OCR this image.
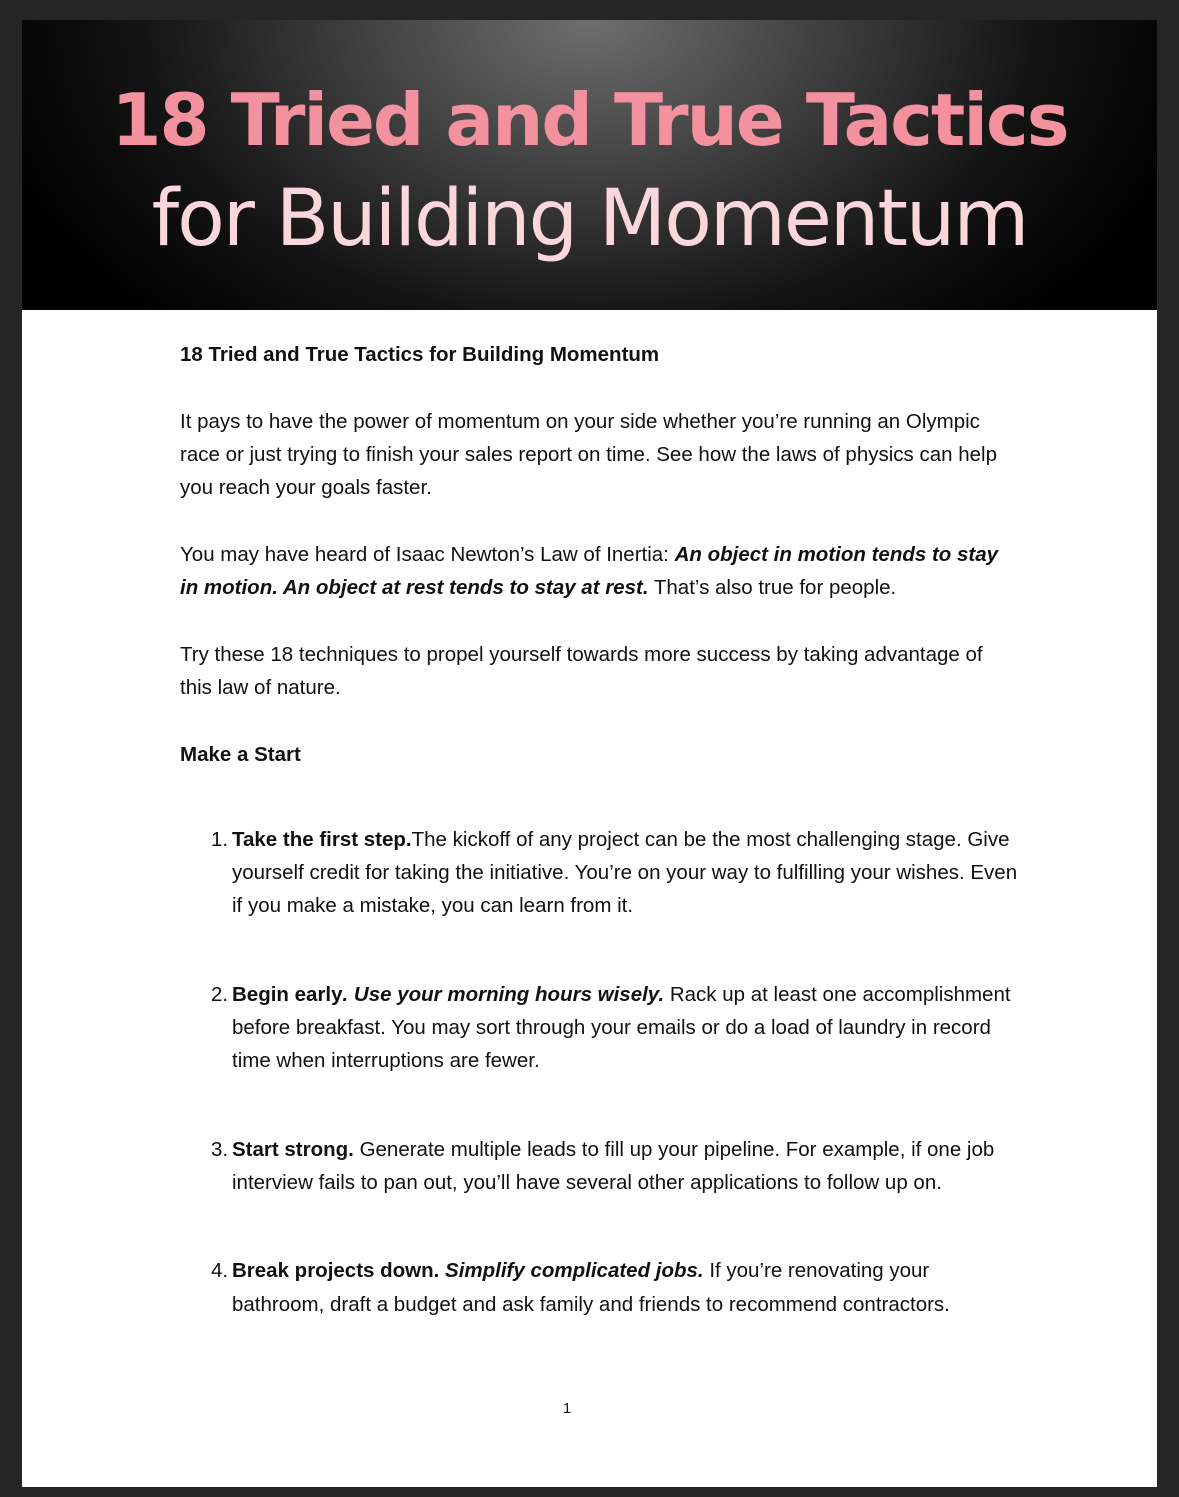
18 Tried and True Tactics
for Building Momentum

18 Tried and True Tactics for Building Momentum

It pays to have the power of momentum on your side whether you’re running an Olympic race or just trying to finish your sales report on time. See how the laws of physics can help you reach your goals faster.

You may have heard of Isaac Newton’s Law of Inertia: An object in motion tends to stay in motion. An object at rest tends to stay at rest. That’s also true for people.

Try these 18 techniques to propel yourself towards more success by taking advantage of this law of nature.

Make a Start

1. Take the first step.The kickoff of any project can be the most challenging stage. Give yourself credit for taking the initiative. You’re on your way to fulfilling your wishes. Even if you make a mistake, you can learn from it.
2. Begin early. Use your morning hours wisely. Rack up at least one accomplishment before breakfast. You may sort through your emails or do a load of laundry in record time when interruptions are fewer.
3. Start strong. Generate multiple leads to fill up your pipeline. For example, if one job interview fails to pan out, you’ll have several other applications to follow up on.
4. Break projects down. Simplify complicated jobs. If you’re renovating your bathroom, draft a budget and ask family and friends to recommend contractors.
1
